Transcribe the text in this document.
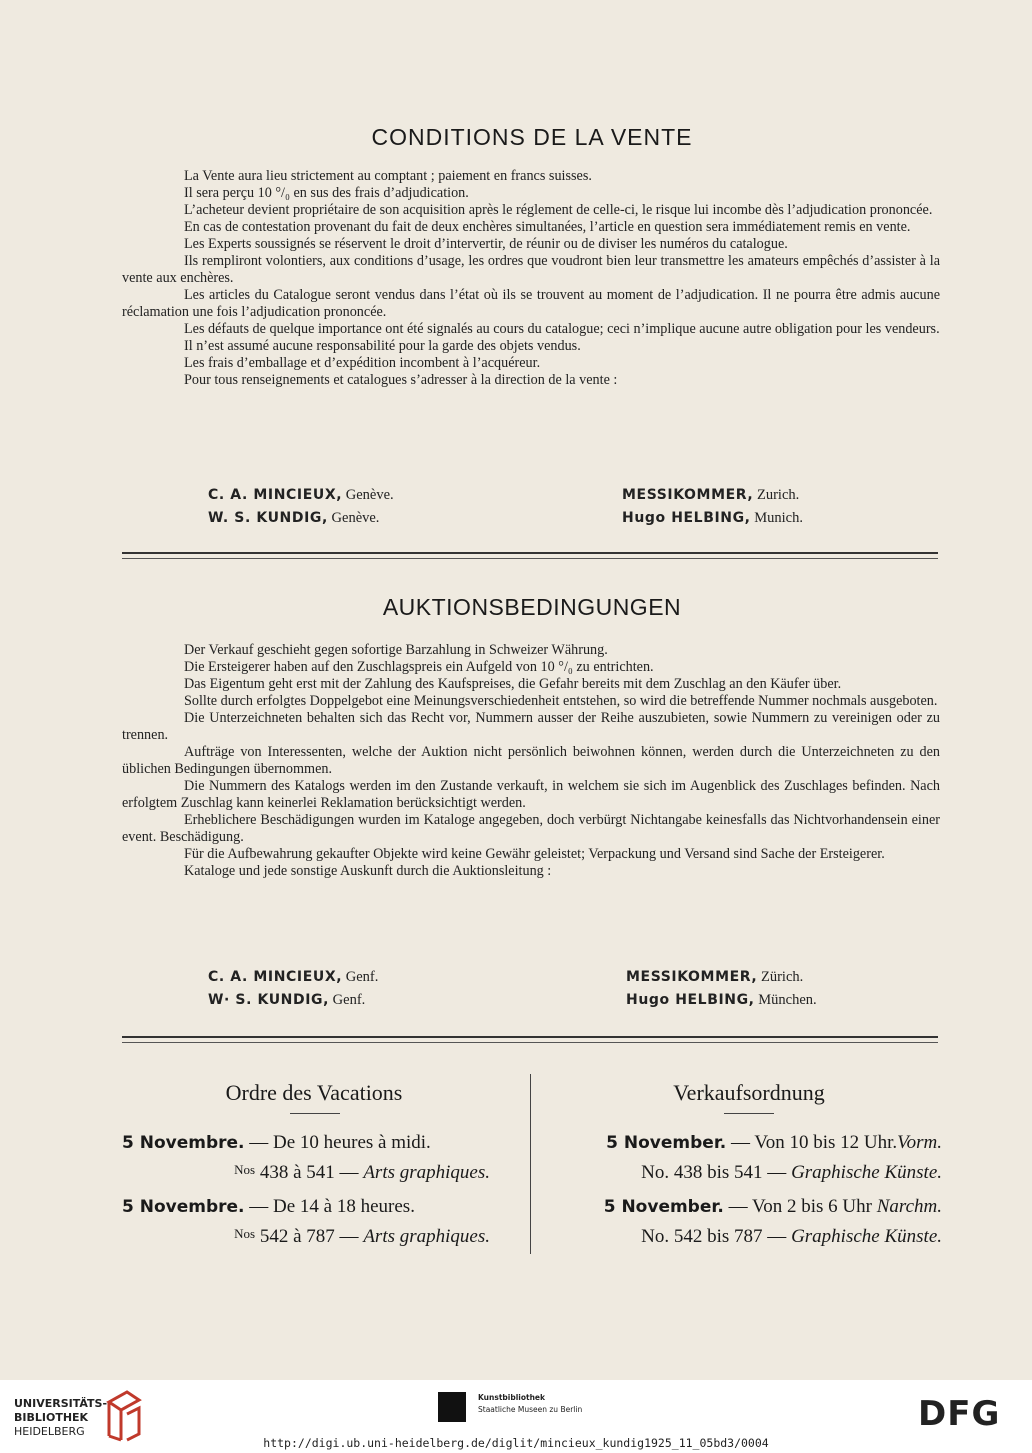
CONDITIONS DE LA VENTE

La Vente aura lieu strictement au comptant ; paiement en francs suisses.

Il sera perçu 10 °/₀ en sus des frais d’adjudication.

L’acheteur devient propriétaire de son acquisition après le réglement de celle-ci, le risque lui incombe dès l’adjudication prononcée.

En cas de contestation provenant du fait de deux enchères simultanées, l’article en question sera immédiatement remis en vente.

Les Experts soussignés se réservent le droit d’intervertir, de réunir ou de diviser les numéros du catalogue.

Ils rempliront volontiers, aux conditions d’usage, les ordres que voudront bien leur transmettre les amateurs empêchés d’assister à la vente aux enchères.

Les articles du Catalogue seront vendus dans l’état où ils se trouvent au moment de l’adjudication. Il ne pourra être admis aucune réclamation une fois l’adjudication prononcée.

Les défauts de quelque importance ont été signalés au cours du catalogue; ceci n’implique aucune autre obligation pour les vendeurs.

Il n’est assumé aucune responsabilité pour la garde des objets vendus.

Les frais d’emballage et d’expédition incombent à l’acquéreur.

Pour tous renseignements et catalogues s’adresser à la direction de la vente :

C. A. MINCIEUX, Genève.
W. S. KUNDIG, Genève.
MESSIKOMMER, Zurich.
Hugo HELBING, Munich.
AUKTIONSBEDINGUNGEN

Der Verkauf geschieht gegen sofortige Barzahlung in Schweizer Währung.

Die Ersteigerer haben auf den Zuschlagspreis ein Aufgeld von 10 °/₀ zu entrichten.

Das Eigentum geht erst mit der Zahlung des Kaufspreises, die Gefahr bereits mit dem Zuschlag an den Käufer über.

Sollte durch erfolgtes Doppelgebot eine Meinungsverschiedenheit entstehen, so wird die betreffende Nummer nochmals ausgeboten.

Die Unterzeichneten behalten sich das Recht vor, Nummern ausser der Reihe auszubieten, sowie Nummern zu vereinigen oder zu trennen.

Aufträge von Interessenten, welche der Auktion nicht persönlich beiwohnen können, werden durch die Unterzeichneten zu den üblichen Bedingungen übernommen.

Die Nummern des Katalogs werden im den Zustande verkauft, in welchem sie sich im Augenblick des Zuschlages befinden. Nach erfolgtem Zuschlag kann keinerlei Reklamation berücksichtigt werden.

Erheblichere Beschädigungen wurden im Kataloge angegeben, doch verbürgt Nichtangabe keinesfalls das Nichtvorhandensein einer event. Beschädigung.

Für die Aufbewahrung gekaufter Objekte wird keine Gewähr geleistet; Verpackung und Versand sind Sache der Ersteigerer.

Kataloge und jede sonstige Auskunft durch die Auktionsleitung :

C. A. MINCIEUX, Genf.
W· S. KUNDIG, Genf.
MESSIKOMMER, Zürich.
Hugo HELBING, München.
Ordre des Vacations	Verkaufsordnung
5 Novembre. — De 10 heures à midi.
$^{Nos}$ 438 à 541 — Arts graphiques.
5 Novembre. — De 14 à 18 heures.
$^{Nos}$ 542 à 787 — Arts graphiques.
5 November. — Von 10 bis 12 Uhr.Vorm.
No. 438 bis 541 — Graphische Künste.
5 November. — Von 2 bis 6 Uhr Narchm.
No. 542 bis 787 — Graphische Künste.
UNIVERSITÄTS-
BIBLIOTHEK
HEIDELBERG
Kunstbibliothek
Staatliche Museen zu Berlin	DFG
http://digi.ub.uni-heidelberg.de/diglit/mincieux_kundig1925_11_05bd3/0004
